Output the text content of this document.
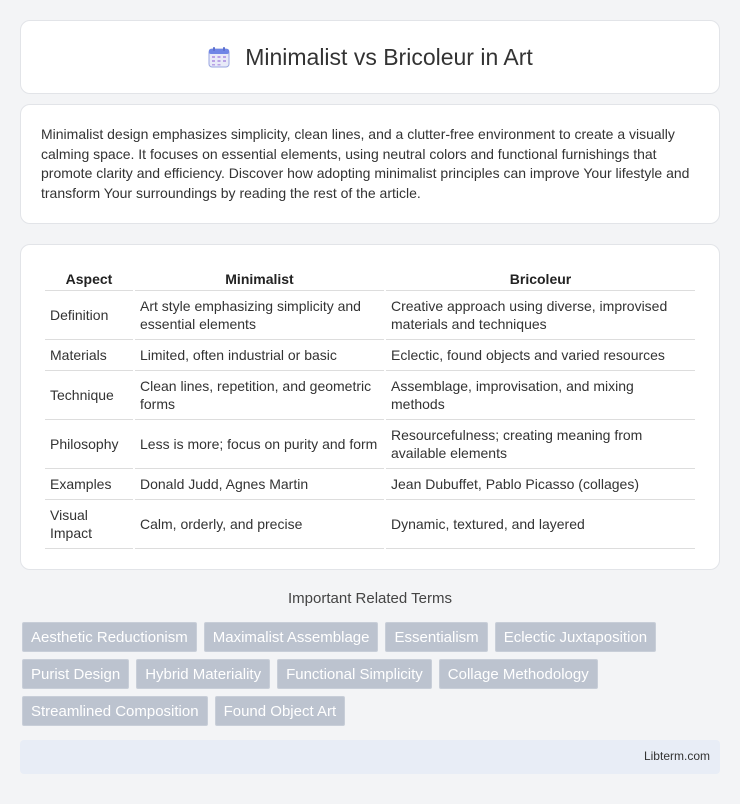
Minimalist vs Bricoleur in Art

Minimalist design emphasizes simplicity, clean lines, and a clutter-free environment to create a visually calming space. It focuses on essential elements, using neutral colors and functional furnishings that promote clarity and efficiency. Discover how adopting minimalist principles can improve Your lifestyle and transform Your surroundings by reading the rest of the article.

Aspect	Minimalist	Bricoleur
Definition	Art style emphasizing simplicity and essential elements	Creative approach using diverse, improvised materials and techniques
Materials	Limited, often industrial or basic	Eclectic, found objects and varied resources
Technique	Clean lines, repetition, and geometric forms	Assemblage, improvisation, and mixing methods
Philosophy	Less is more; focus on purity and form	Resourcefulness; creating meaning from available elements
Examples	Donald Judd, Agnes Martin	Jean Dubuffet, Pablo Picasso (collages)
Visual Impact	Calm, orderly, and precise	Dynamic, textured, and layered
Important Related Terms
Aesthetic Reductionism	Maximalist Assemblage	Essentialism	Eclectic Juxtaposition
Purist Design	Hybrid Materiality	Functional Simplicity	Collage Methodology
Streamlined Composition	Found Object Art
Libterm.com
